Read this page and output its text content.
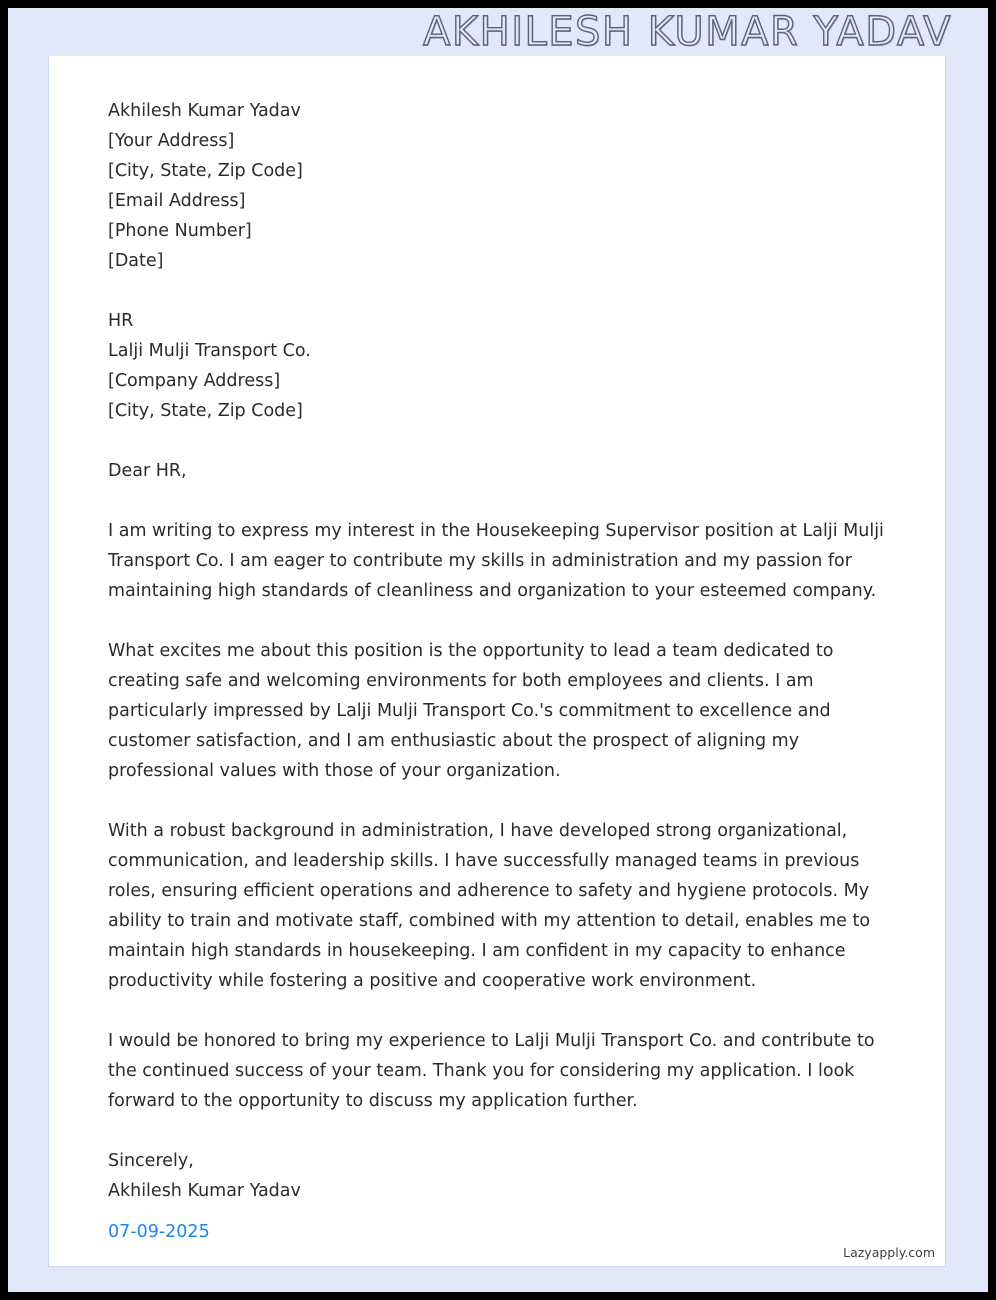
AKHILESH KUMAR YADAV
Akhilesh Kumar Yadav
[Your Address]
[City, State, Zip Code]
[Email Address]
[Phone Number]
[Date]
HR
Lalji Mulji Transport Co.
[Company Address]
[City, State, Zip Code]
Dear HR,

I am writing to express my interest in the Housekeeping Supervisor position at Lalji Mulji Transport Co. I am eager to contribute my skills in administration and my passion for maintaining high standards of cleanliness and organization to your esteemed company.

What excites me about this position is the opportunity to lead a team dedicated to creating safe and welcoming environments for both employees and clients. I am particularly impressed by Lalji Mulji Transport Co.'s commitment to excellence and customer satisfaction, and I am enthusiastic about the prospect of aligning my professional values with those of your organization.

With a robust background in administration, I have developed strong organizational, communication, and leadership skills. I have successfully managed teams in previous roles, ensuring efficient operations and adherence to safety and hygiene protocols. My ability to train and motivate staff, combined with my attention to detail, enables me to maintain high standards in housekeeping. I am confident in my capacity to enhance productivity while fostering a positive and cooperative work environment.

I would be honored to bring my experience to Lalji Mulji Transport Co. and contribute to the continued success of your team. Thank you for considering my application. I look forward to the opportunity to discuss my application further.

Sincerely,
Akhilesh Kumar Yadav
07-09-2025
Lazyapply.com
